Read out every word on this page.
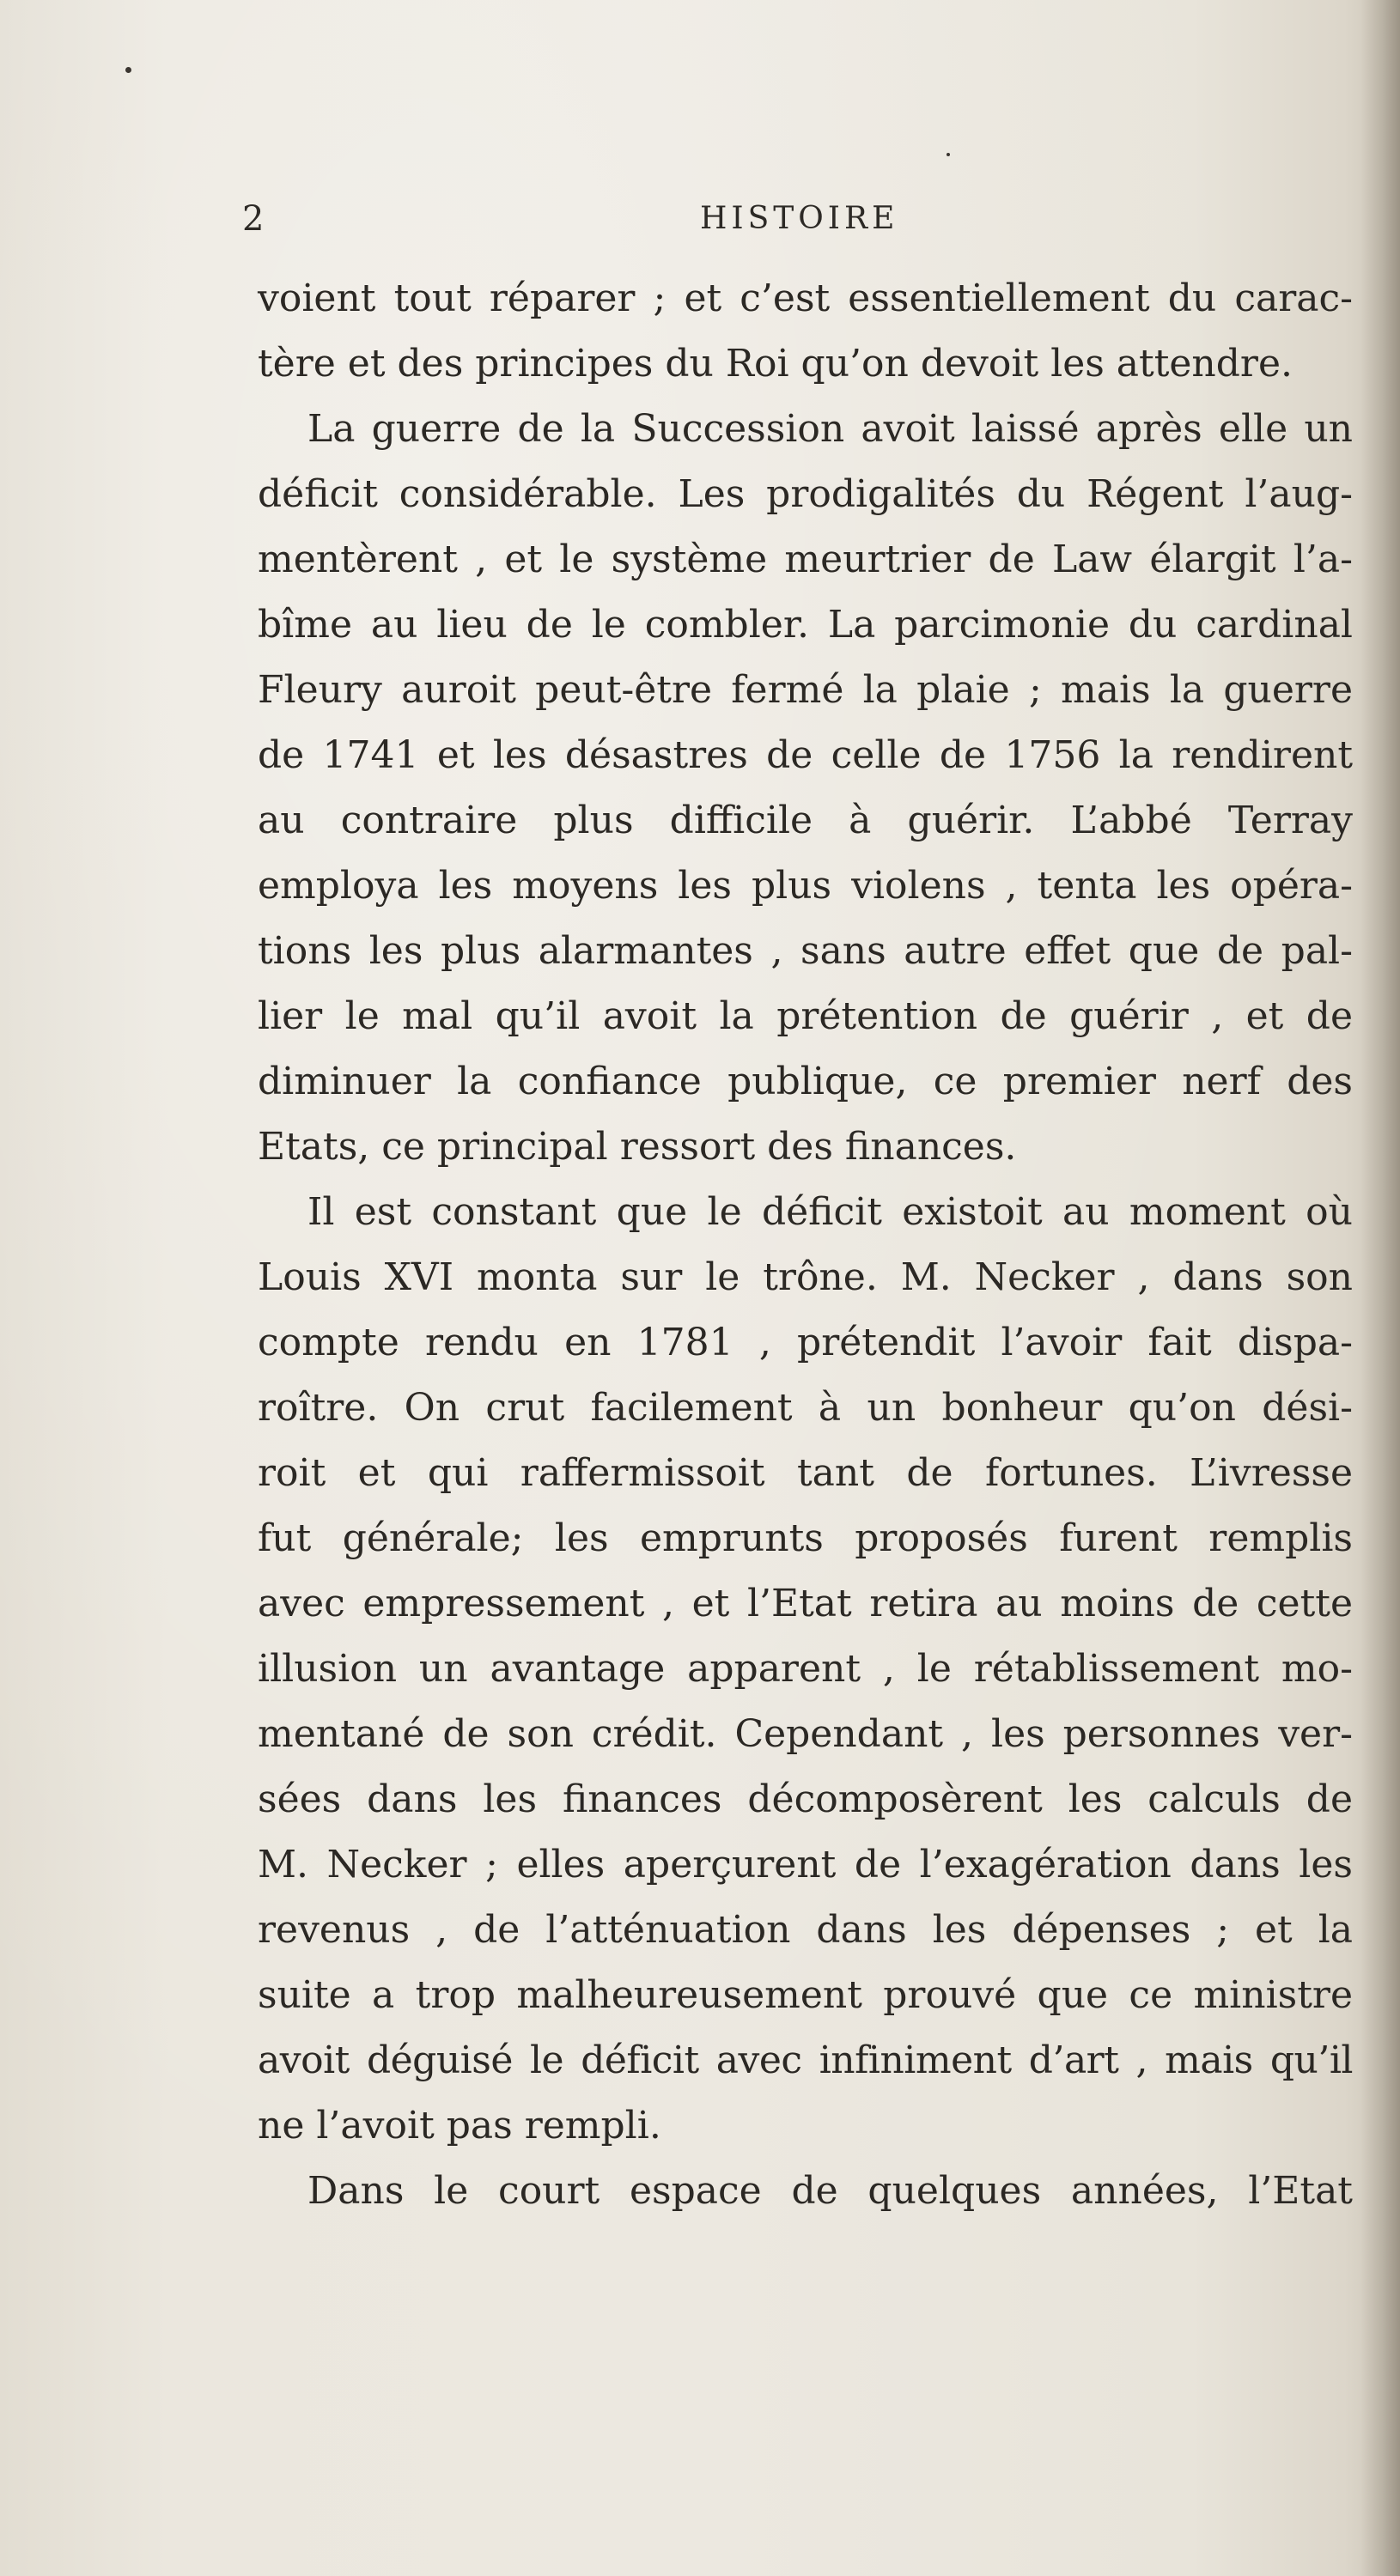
2	HISTOIRE
voient tout réparer ; et c’est essentiellement du carac-
tère et des principes du Roi qu’on devoit les attendre.
La guerre de la Succession avoit laissé après elle un
déficit considérable. Les prodigalités du Régent l’aug-
mentèrent , et le système meurtrier de Law élargit l’a-
bîme au lieu de le combler. La parcimonie du cardinal
Fleury auroit peut-être fermé la plaie ; mais la guerre
de 1741 et les désastres de celle de 1756 la rendirent
au contraire plus difficile à guérir. L’abbé Terray
employa les moyens les plus violens , tenta les opéra-
tions les plus alarmantes , sans autre effet que de pal-
lier le mal qu’il avoit la prétention de guérir , et de
diminuer la confiance publique, ce premier nerf des
Etats, ce principal ressort des finances.
Il est constant que le déficit existoit au moment où
Louis XVI monta sur le trône. M. Necker , dans son
compte rendu en 1781 , prétendit l’avoir fait dispa-
roître. On crut facilement à un bonheur qu’on dési-
roit et qui raffermissoit tant de fortunes. L’ivresse
fut générale; les emprunts proposés furent remplis
avec empressement , et l’Etat retira au moins de cette
illusion un avantage apparent , le rétablissement mo-
mentané de son crédit. Cependant , les personnes ver-
sées dans les finances décomposèrent les calculs de
M. Necker ; elles aperçurent de l’exagération dans les
revenus , de l’atténuation dans les dépenses ; et la
suite a trop malheureusement prouvé que ce ministre
avoit déguisé le déficit avec infiniment d’art , mais qu’il
ne l’avoit pas rempli.
Dans le court espace de quelques années, l’Etat
